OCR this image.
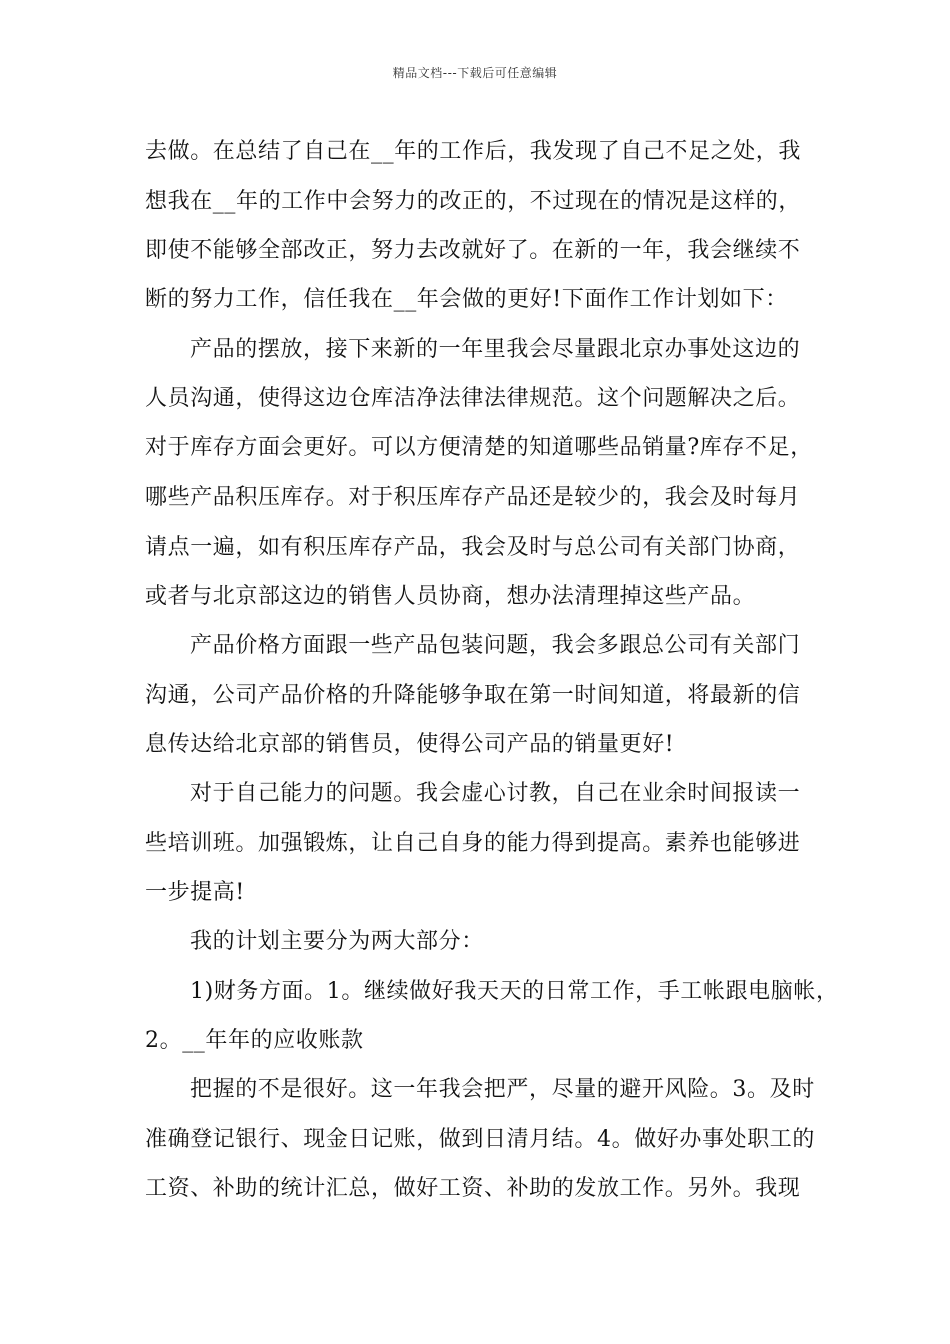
精品文档---下载后可任意编辑
去做。在总结了自己在__年的工作后，我发现了自己不足之处，我
想我在__年的工作中会努力的改正的，不过现在的情况是这样的，
即使不能够全部改正，努力去改就好了。在新的一年，我会继续不
断的努力工作，信任我在__年会做的更好!下面作工作计划如下：
产品的摆放，接下来新的一年里我会尽量跟北京办事处这边的
人员沟通，使得这边仓库洁净法律法律规范。这个问题解决之后。
对于库存方面会更好。可以方便清楚的知道哪些品销量?库存不足，
哪些产品积压库存。对于积压库存产品还是较少的，我会及时每月
请点一遍，如有积压库存产品，我会及时与总公司有关部门协商，
或者与北京部这边的销售人员协商，想办法清理掉这些产品。
产品价格方面跟一些产品包装问题，我会多跟总公司有关部门
沟通，公司产品价格的升降能够争取在第一时间知道，将最新的信
息传达给北京部的销售员，使得公司产品的销量更好!
对于自己能力的问题。我会虚心讨教，自己在业余时间报读一
些培训班。加强锻炼，让自己自身的能力得到提高。素养也能够进
一步提高!
我的计划主要分为两大部分：
1)财务方面。1。继续做好我天天的日常工作，手工帐跟电脑帐，
2。__年年的应收账款
把握的不是很好。这一年我会把严，尽量的避开风险。3。及时
准确登记银行、现金日记账，做到日清月结。4。做好办事处职工的
工资、补助的统计汇总，做好工资、补助的发放工作。另外。我现
